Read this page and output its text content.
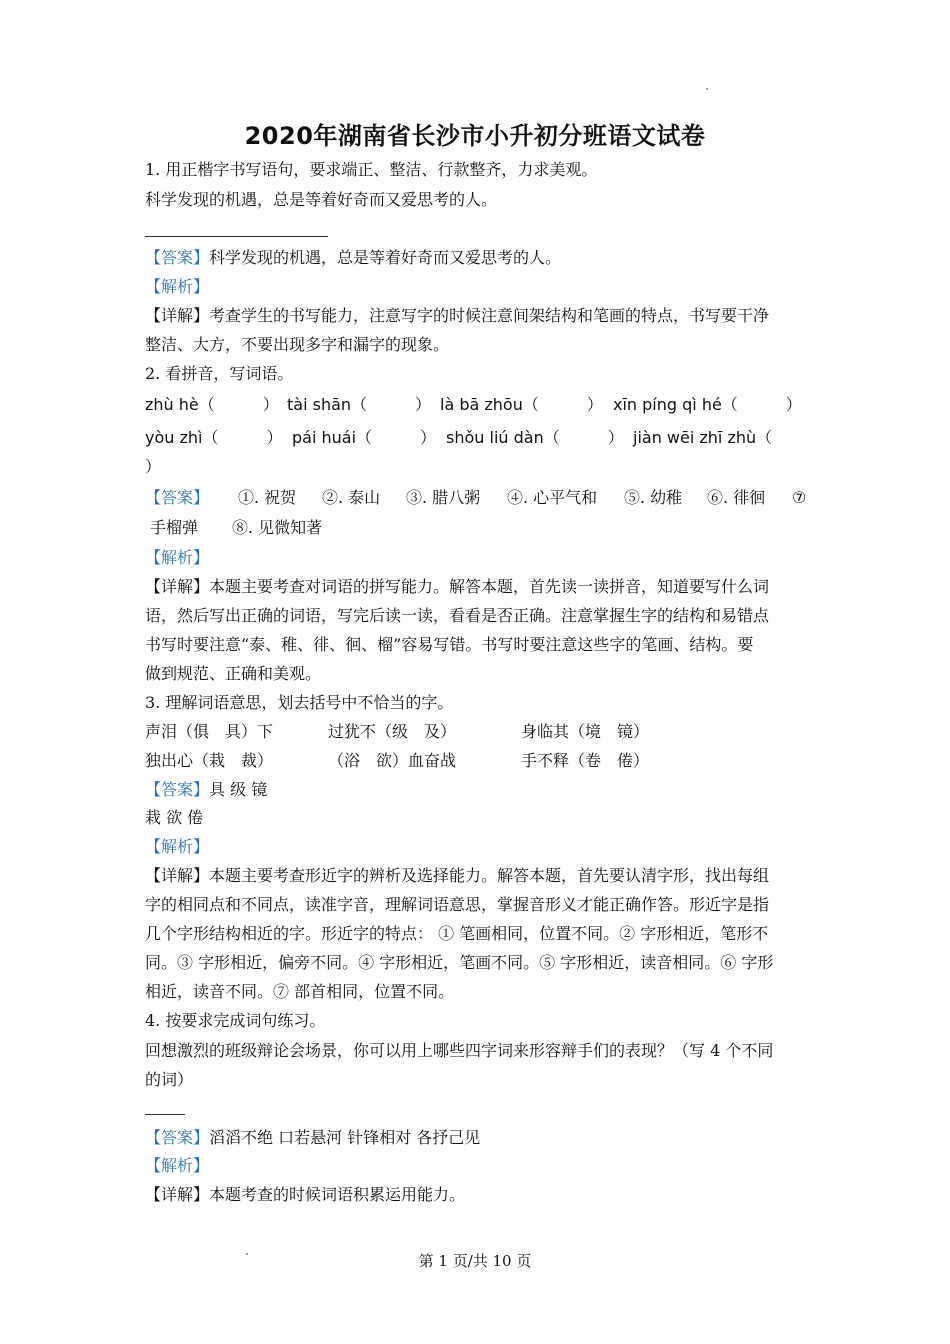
2020年湖南省长沙市小升初分班语文试卷
1. 用正楷字书写语句，要求端正、整洁、行款整齐，力求美观。
科学发现的机遇，总是等着好奇而又爱思考的人。
【答案】科学发现的机遇，总是等着好奇而又爱思考的人。
【解析】
【详解】考查学生的书写能力，注意写字的时候注意间架结构和笔画的特点，书写要干净
整洁、大方，不要出现多字和漏字的现象。
2. 看拼音，写词语。
zhù hè（　　　） tài shān（　　　） là bā zhōu（　　　） xīn píng qì hé（　　　）
yòu zhì（　　　） pái huái（　　　） shǒu liú dàn（　　　） jiàn wēi zhī zhù（
）
【答案】 ①. 祝贺 ②. 泰山 ③. 腊八粥 ④. 心平气和 ⑤. 幼稚 ⑥. 徘徊 ⑦
手榴弹 ⑧. 见微知著
【解析】
【详解】本题主要考查对词语的拼写能力。解答本题，首先读一读拼音，知道要写什么词
语，然后写出正确的词语，写完后读一读，看看是否正确。注意掌握生字的结构和易错点
书写时要注意“泰、稚、徘、徊、榴”容易写错。书写时要注意这些字的笔画、结构。要
做到规范、正确和美观。
3. 理解词语意思，划去括号中不恰当的字。
声泪（俱　具）下	过犹不（级　及）	身临其（境　镜）
独出心（栽　裁）	（浴　欲）血奋战	手不释（卷　倦）
【答案】具 级 镜
栽 欲 倦
【解析】
【详解】本题主要考查形近字的辨析及选择能力。解答本题，首先要认清字形，找出每组
字的相同点和不同点，读准字音，理解词语意思，掌握音形义才能正确作答。形近字是指
几个字形结构相近的字。形近字的特点： ① 笔画相同，位置不同。② 字形相近，笔形不
同。③ 字形相近，偏旁不同。④ 字形相近，笔画不同。⑤ 字形相近，读音相同。⑥ 字形
相近，读音不同。⑦ 部首相同，位置不同。
4. 按要求完成词句练习。
回想激烈的班级辩论会场景，你可以用上哪些四字词来形容辩手们的表现？（写 4 个不同
的词）
【答案】滔滔不绝 口若悬河 针锋相对 各抒己见
【解析】
【详解】本题考查的时候词语积累运用能力。
第 1 页/共 10 页
